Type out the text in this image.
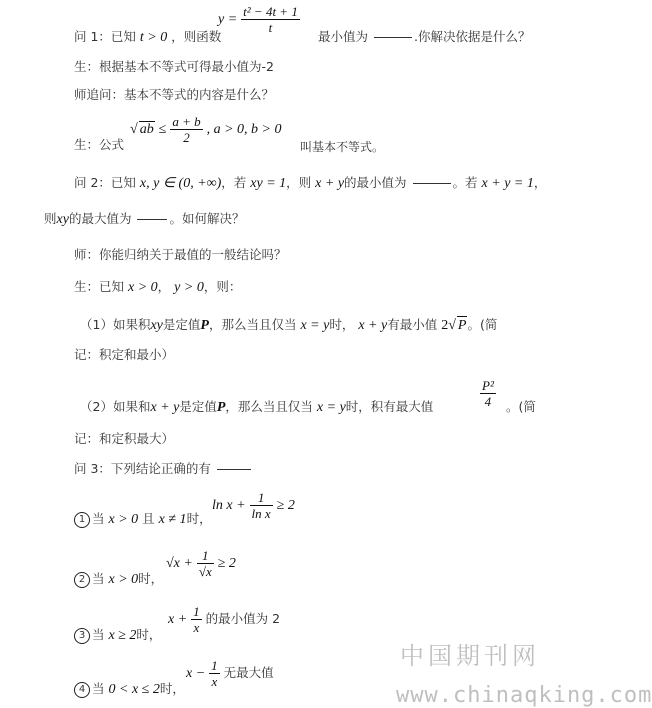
问 1：已知 t > 0 ，则函数
$y = \frac{\text{t² − 4t + 1}}{t}$
最小值为	.你解决依据是什么？
生：根据基本不等式可得最小值为-2
师追问：基本不等式的内容是什么？
生：公式
√ ab ≤ $\frac{a + b}{2}$ , a > 0, b > 0
叫基本不等式。
问 2：已知 x, y ∈ (0, +∞)，若 xy = 1，则 x + y的最小值为	。若 x + y = 1，
则xy的最大值为	。如何解决？
师：你能归纳关于最值的一般结论吗？
生：已知 x > 0， y > 0，则：
（1）如果积xy是定值P，那么当且仅当 x = y时， x + y有最小值 2√ P。(简
记：积定和最小）
（2）如果和x + y是定值P，那么当且仅当 x = y时，积有最大值	$\frac{\text{P²}}{4}$ 。(简
记：和定积最大）
问 3：下列结论正确的有
1 当 x > 0 且 x ≠ 1时，
$\ln x + \frac{1}{\text{ln x}} \ge 2$
2 当 x > 0时，
$√x + \frac{1}{√x} \ge 2$
3 当 x ≥ 2时，
$x + \frac{1}{x}$ 的最小值为 2
4 当 0 < x ≤ 2时，
$x - \frac{1}{x}$ 无最大值
中国期刊网
www.chinaqking.com
